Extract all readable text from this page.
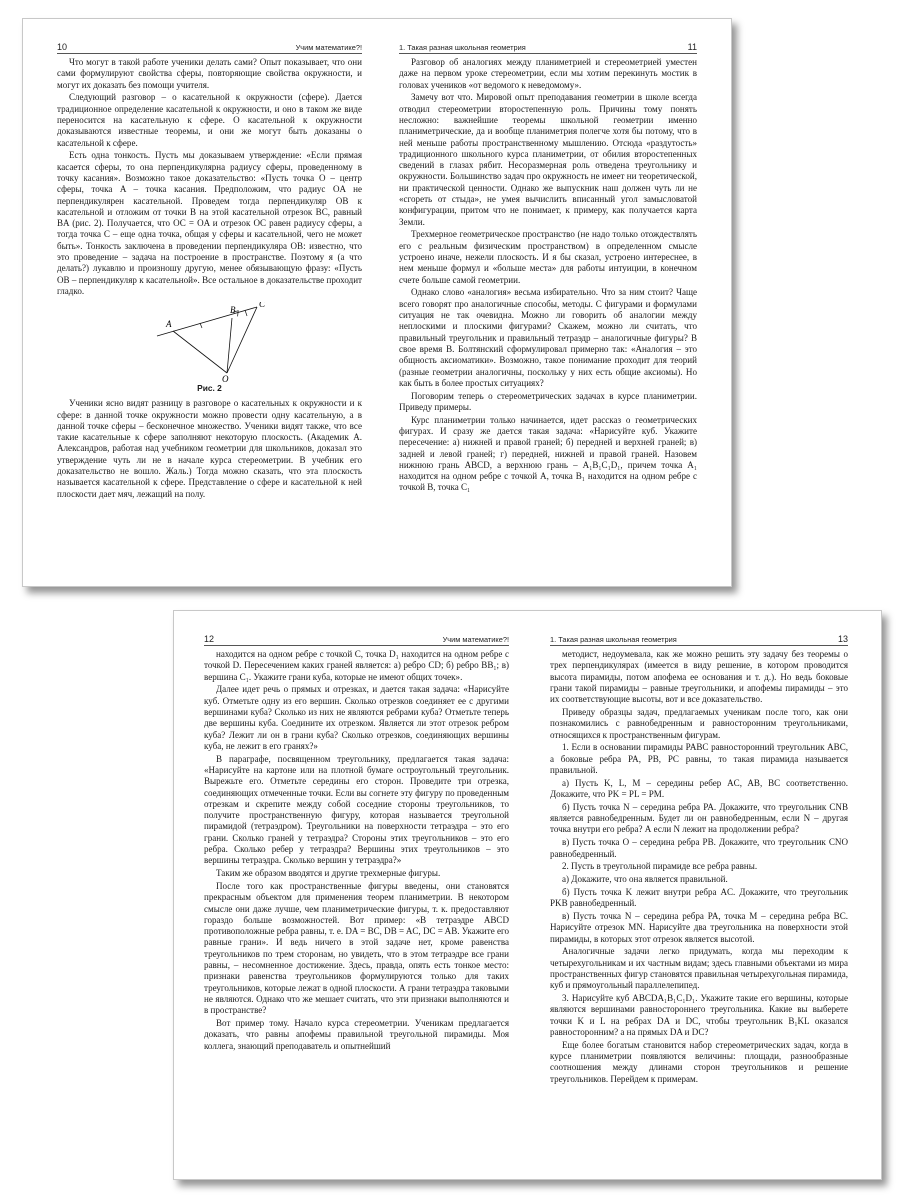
10	Учим математике?!

Что могут в такой работе ученики делать сами? Опыт показывает, что они сами формулируют свойства сферы, повторяющие свойства окружности, и могут их доказать без помощи учителя.

Следующий разговор – о касательной к окружности (сфере). Дается традиционное определение касательной к окружности, и оно в таком же виде переносится на касательную к сфере. О касательной к окружности доказываются известные теоремы, и они же могут быть доказаны о касательной к сфере.

Есть одна тонкость. Пусть мы доказываем утверждение: «Если прямая касается сферы, то она перпендикулярна радиусу сферы, проведенному в точку касания». Возможно такое доказательство: «Пусть точка O – центр сферы, точка A – точка касания. Предположим, что радиус OA не перпендикулярен касательной. Проведем тогда перпендикуляр OB к касательной и отложим от точки B на этой касательной отрезок BC, равный BA (рис. 2). Получается, что OC = OA и отрезок OC равен радиусу сферы, а тогда точка C – еще одна точка, общая у сферы и касательной, чего не может быть». Тонкость заключена в проведении перпендикуляра OB: известно, что это проведение – задача на построение в пространстве. Поэтому я (а что делать?) лукавлю и произношу другую, менее обязывающую фразу: «Пусть OB – перпендикуляр к касательной». Все остальное в доказательстве проходит гладко.

A
B
C
O
Рис. 2

Ученики ясно видят разницу в разговоре о касательных к окружности и к сфере: в данной точке окружности можно провести одну касательную, а в данной точке сферы – бесконечное множество. Ученики видят также, что все такие касательные к сфере заполняют некоторую плоскость. (Академик А. Александров, работая над учебником геометрии для школьников, доказал это утверждение чуть ли не в начале курса стереометрии. В учебник его доказательство не вошло. Жаль.) Тогда можно сказать, что эта плоскость называется касательной к сфере. Представление о сфере и касательной к ней плоскости дает мяч, лежащий на полу.

1. Такая разная школьная геометрия	11

Разговор об аналогиях между планиметрией и стереометрией уместен даже на первом уроке стереометрии, если мы хотим перекинуть мостик в головах учеников «от ведомого к неведомому».

Замечу вот что. Мировой опыт преподавания геометрии в школе всегда отводил стереометрии второстепенную роль. Причины тому понять несложно: важнейшие теоремы школьной геометрии именно планиметрические, да и вообще планиметрия полегче хотя бы потому, что в ней меньше работы пространственному мышлению. Отсюда «раздутость» традиционного школьного курса планиметрии, от обилия второстепенных сведений в глазах рябит. Несоразмерная роль отведена треугольнику и окружности. Большинство задач про окружность не имеет ни теоретической, ни практической ценности. Однако же выпускник наш должен чуть ли не «сгореть от стыда», не умея вычислить вписанный угол замысловатой конфигурации, притом что не понимает, к примеру, как получается карта Земли.

Трехмерное геометрическое пространство (не надо только отождествлять его с реальным физическим пространством) в определенном смысле устроено иначе, нежели плоскость. И я бы сказал, устроено интереснее, в нем меньше формул и «больше места» для работы интуиции, в конечном счете больше самой геометрии.

Однако слово «аналогия» весьма избирательно. Что за ним стоит? Чаще всего говорят про аналогичные способы, методы. С фигурами и формулами ситуация не так очевидна. Можно ли говорить об аналогии между неплоскими и плоскими фигурами? Скажем, можно ли считать, что правильный треугольник и правильный тетраэдр – аналогичные фигуры? В свое время В. Болтянский сформулировал примерно так: «Аналогия – это общность аксиоматики». Возможно, такое понимание проходит для теорий (разные геометрии аналогичны, поскольку у них есть общие аксиомы). Но как быть в более простых ситуациях?

Поговорим теперь о стереометрических задачах в курсе планиметрии. Приведу примеры.

Курс планиметрии только начинается, идет рассказ о геометрических фигурах. И сразу же дается такая задача: «Нарисуйте куб. Укажите пересечение: а) нижней и правой граней; б) передней и верхней граней; в) задней и левой граней; г) передней, нижней и правой граней. Назовем нижнюю грань ABCD, а верхнюю грань – A₁B₁C₁D₁, причем точка A₁ находится на одном ребре с точкой A, точка B₁ находится на одном ребре с точкой B, точка C₁

12	Учим математике?!

находится на одном ребре с точкой C, точка D₁ находится на одном ребре с точкой D. Пересечением каких граней является: а) ребро CD; б) ребро BB₁; в) вершина C₁. Укажите грани куба, которые не имеют общих точек».

Далее идет речь о прямых и отрезках, и дается такая задача: «Нарисуйте куб. Отметьте одну из его вершин. Сколько отрезков соединяет ее с другими вершинами куба? Сколько из них не являются ребрами куба? Отметьте теперь две вершины куба. Соедините их отрезком. Является ли этот отрезок ребром куба? Лежит ли он в грани куба? Сколько отрезков, соединяющих вершины куба, не лежит в его гранях?»

В параграфе, посвященном треугольнику, предлагается такая задача: «Нарисуйте на картоне или на плотной бумаге остроугольный треугольник. Вырежьте его. Отметьте середины его сторон. Проведите три отрезка, соединяющих отмеченные точки. Если вы согнете эту фигуру по проведенным отрезкам и скрепите между собой соседние стороны треугольников, то получите пространственную фигуру, которая называется треугольной пирамидой (тетраэдром). Треугольники на поверхности тетраэдра – это его грани. Сколько граней у тетраэдра? Стороны этих треугольников – это его ребра. Сколько ребер у тетраэдра? Вершины этих треугольников – это вершины тетраэдра. Сколько вершин у тетраэдра?»

Таким же образом вводятся и другие трехмерные фигуры.

После того как пространственные фигуры введены, они становятся прекрасным объектом для применения теорем планиметрии. В некотором смысле они даже лучше, чем планиметрические фигуры, т. к. предоставляют гораздо больше возможностей. Вот пример: «В тетраэдре ABCD противоположные ребра равны, т. е. DA = BC, DB = AC, DC = AB. Укажите его равные грани». И ведь ничего в этой задаче нет, кроме равенства треугольников по трем сторонам, но увидеть, что в этом тетраэдре все грани равны, – несомненное достижение. Здесь, правда, опять есть тонкое место: признаки равенства треугольников формулируются только для таких треугольников, которые лежат в одной плоскости. А грани тетраэдра таковыми не являются. Однако что же мешает считать, что эти признаки выполняются и в пространстве?

Вот пример тому. Начало курса стереометрии. Ученикам предлагается доказать, что равны апофемы правильной треугольной пирамиды. Моя коллега, знающий преподаватель и опытнейший

1. Такая разная школьная геометрия	13

методист, недоумевала, как же можно решить эту задачу без теоремы о трех перпендикулярах (имеется в виду решение, в котором проводится высота пирамиды, потом апофема ее основания и т. д.). Но ведь боковые грани такой пирамиды – равные треугольники, и апофемы пирамиды – это их соответствующие высоты, вот и все доказательство.

Приведу образцы задач, предлагаемых ученикам после того, как они познакомились с равнобедренным и равносторонним треугольниками, относящихся к пространственным фигурам.

1. Если в основании пирамиды PABC равносторонний треугольник ABC, а боковые ребра PA, PB, PC равны, то такая пирамида называется правильной.

а) Пусть K, L, M – середины ребер AC, AB, BC соответственно. Докажите, что PK = PL = PM.

б) Пусть точка N – середина ребра PA. Докажите, что треугольник CNB является равнобедренным. Будет ли он равнобедренным, если N – другая точка внутри его ребра? А если N лежит на продолжении ребра?

в) Пусть точка O – середина ребра PB. Докажите, что треугольник CNO равнобедренный.

2. Пусть в треугольной пирамиде все ребра равны.

а) Докажите, что она является правильной.

б) Пусть точка K лежит внутри ребра AC. Докажите, что треугольник PKB равнобедренный.

в) Пусть точка N – середина ребра PA, точка M – середина ребра BC. Нарисуйте отрезок MN. Нарисуйте два треугольника на поверхности этой пирамиды, в которых этот отрезок является высотой.

Аналогичные задачи легко придумать, когда мы переходим к четырехугольникам и их частным видам; здесь главными объектами из мира пространственных фигур становятся правильная четырехугольная пирамида, куб и прямоугольный параллелепипед.

3. Нарисуйте куб ABCDA₁B₁C₁D₁. Укажите такие его вершины, которые являются вершинами равностороннего треугольника. Какие вы выберете точки K и L на ребрах DA и DC, чтобы треугольник B₁KL оказался равносторонним? а на прямых DA и DC?

Еще более богатым становится набор стереометрических задач, когда в курсе планиметрии появляются величины: площади, разнообразные соотношения между длинами сторон треугольников и решение треугольников. Перейдем к примерам.
